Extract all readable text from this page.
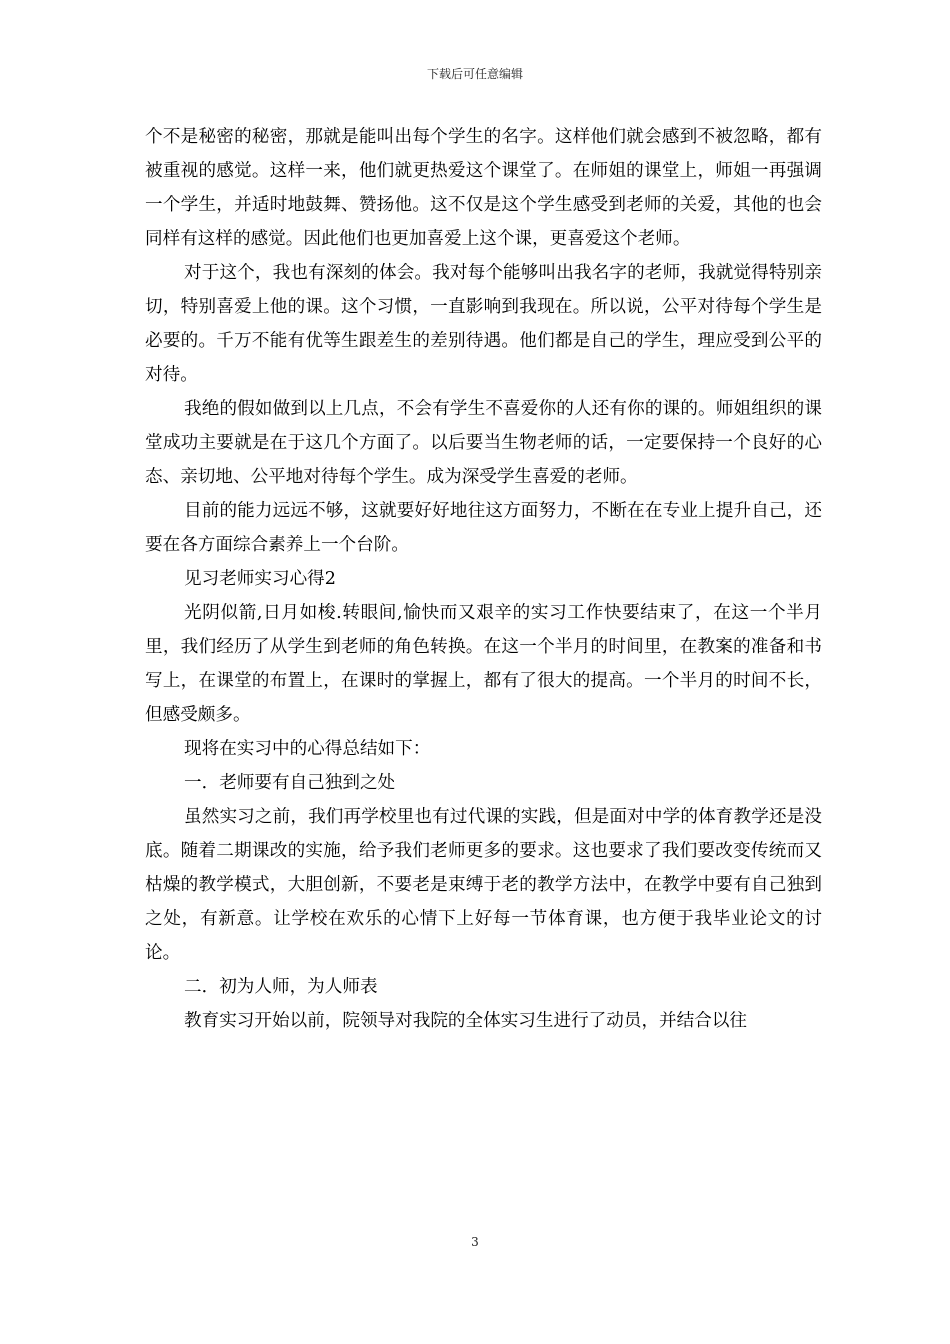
下载后可任意编辑

个不是秘密的秘密，那就是能叫出每个学生的名字。这样他们就会感到不被忽略，都有被重视的感觉。这样一来，他们就更热爱这个课堂了。在师姐的课堂上，师姐一再强调一个学生，并适时地鼓舞、赞扬他。这不仅是这个学生感受到老师的关爱，其他的也会同样有这样的感觉。因此他们也更加喜爱上这个课，更喜爱这个老师。

对于这个，我也有深刻的体会。我对每个能够叫出我名字的老师，我就觉得特别亲切，特别喜爱上他的课。这个习惯，一直影响到我现在。所以说，公平对待每个学生是必要的。千万不能有优等生跟差生的差别待遇。他们都是自己的学生，理应受到公平的对待。

我绝的假如做到以上几点，不会有学生不喜爱你的人还有你的课的。师姐组织的课堂成功主要就是在于这几个方面了。以后要当生物老师的话，一定要保持一个良好的心态、亲切地、公平地对待每个学生。成为深受学生喜爱的老师。

目前的能力远远不够，这就要好好地往这方面努力，不断在在专业上提升自己，还要在各方面综合素养上一个台阶。

见习老师实习心得2

光阴似箭,日月如梭.转眼间,愉快而又艰辛的实习工作快要结束了，在这一个半月里，我们经历了从学生到老师的角色转换。在这一个半月的时间里，在教案的准备和书写上，在课堂的布置上，在课时的掌握上，都有了很大的提高。一个半月的时间不长，但感受颇多。

现将在实习中的心得总结如下：

一．老师要有自己独到之处

虽然实习之前，我们再学校里也有过代课的实践，但是面对中学的体育教学还是没底。随着二期课改的实施，给予我们老师更多的要求。这也要求了我们要改变传统而又枯燥的教学模式，大胆创新，不要老是束缚于老的教学方法中，在教学中要有自己独到之处，有新意。让学校在欢乐的心情下上好每一节体育课，也方便于我毕业论文的讨论。

二．初为人师，为人师表

教育实习开始以前，院领导对我院的全体实习生进行了动员，并结合以往

3
